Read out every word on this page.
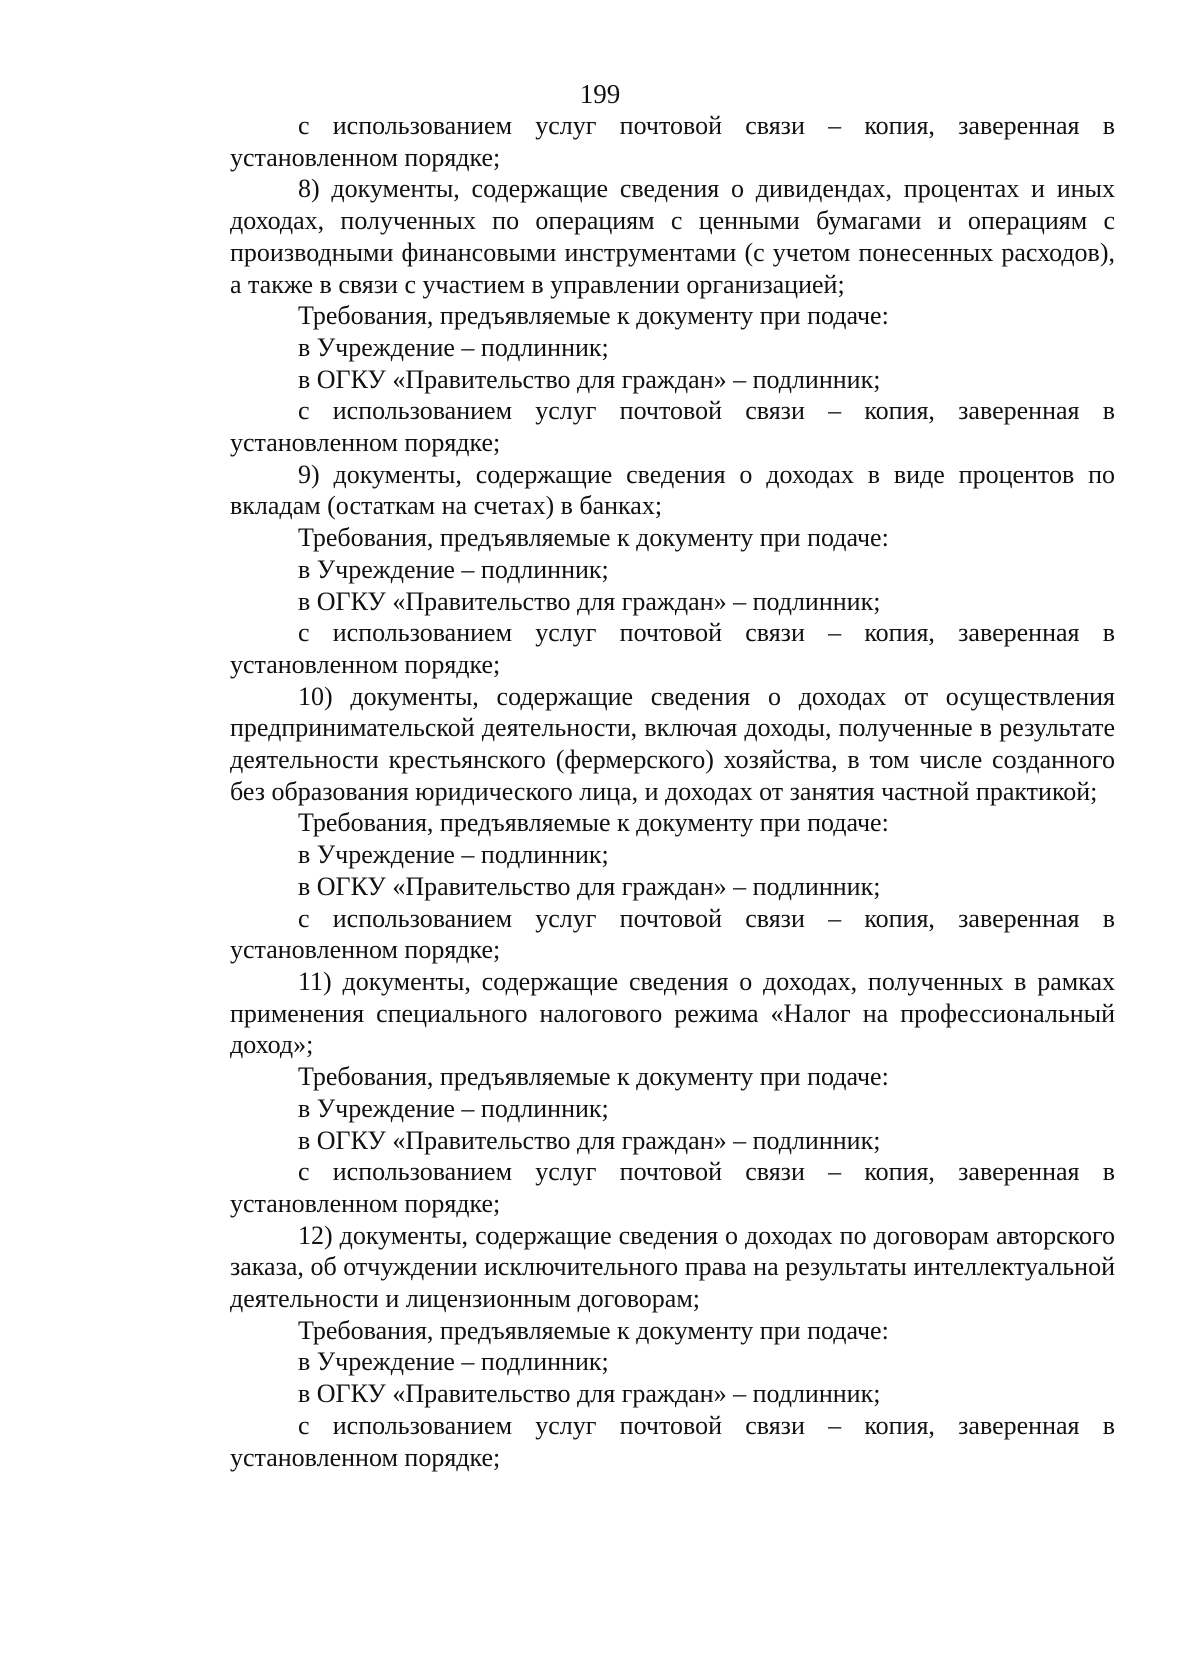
199

с использованием услуг почтовой связи – копия, заверенная в установленном порядке;

8) документы, содержащие сведения о дивидендах, процентах и иных доходах, полученных по операциям с ценными бумагами и операциям с производными финансовыми инструментами (с учетом понесенных расходов), а также в связи с участием в управлении организацией;

Требования, предъявляемые к документу при подаче:

в Учреждение – подлинник;

в ОГКУ «Правительство для граждан» – подлинник;

с использованием услуг почтовой связи – копия, заверенная в установленном порядке;

9) документы, содержащие сведения о доходах в виде процентов по вкладам (остаткам на счетах) в банках;

Требования, предъявляемые к документу при подаче:

в Учреждение – подлинник;

в ОГКУ «Правительство для граждан» – подлинник;

с использованием услуг почтовой связи – копия, заверенная в установленном порядке;

10) документы, содержащие сведения о доходах от осуществления предпринимательской деятельности, включая доходы, полученные в результате деятельности крестьянского (фермерского) хозяйства, в том числе созданного без образования юридического лица, и доходах от занятия частной практикой;

Требования, предъявляемые к документу при подаче:

в Учреждение – подлинник;

в ОГКУ «Правительство для граждан» – подлинник;

с использованием услуг почтовой связи – копия, заверенная в установленном порядке;

11) документы, содержащие сведения о доходах, полученных в рамках применения специального налогового режима «Налог на профессиональный доход»;

Требования, предъявляемые к документу при подаче:

в Учреждение – подлинник;

в ОГКУ «Правительство для граждан» – подлинник;

с использованием услуг почтовой связи – копия, заверенная в установленном порядке;

12) документы, содержащие сведения о доходах по договорам авторского заказа, об отчуждении исключительного права на результаты интеллектуальной деятельности и лицензионным договорам;

Требования, предъявляемые к документу при подаче:

в Учреждение – подлинник;

в ОГКУ «Правительство для граждан» – подлинник;

с использованием услуг почтовой связи – копия, заверенная в установленном порядке;
